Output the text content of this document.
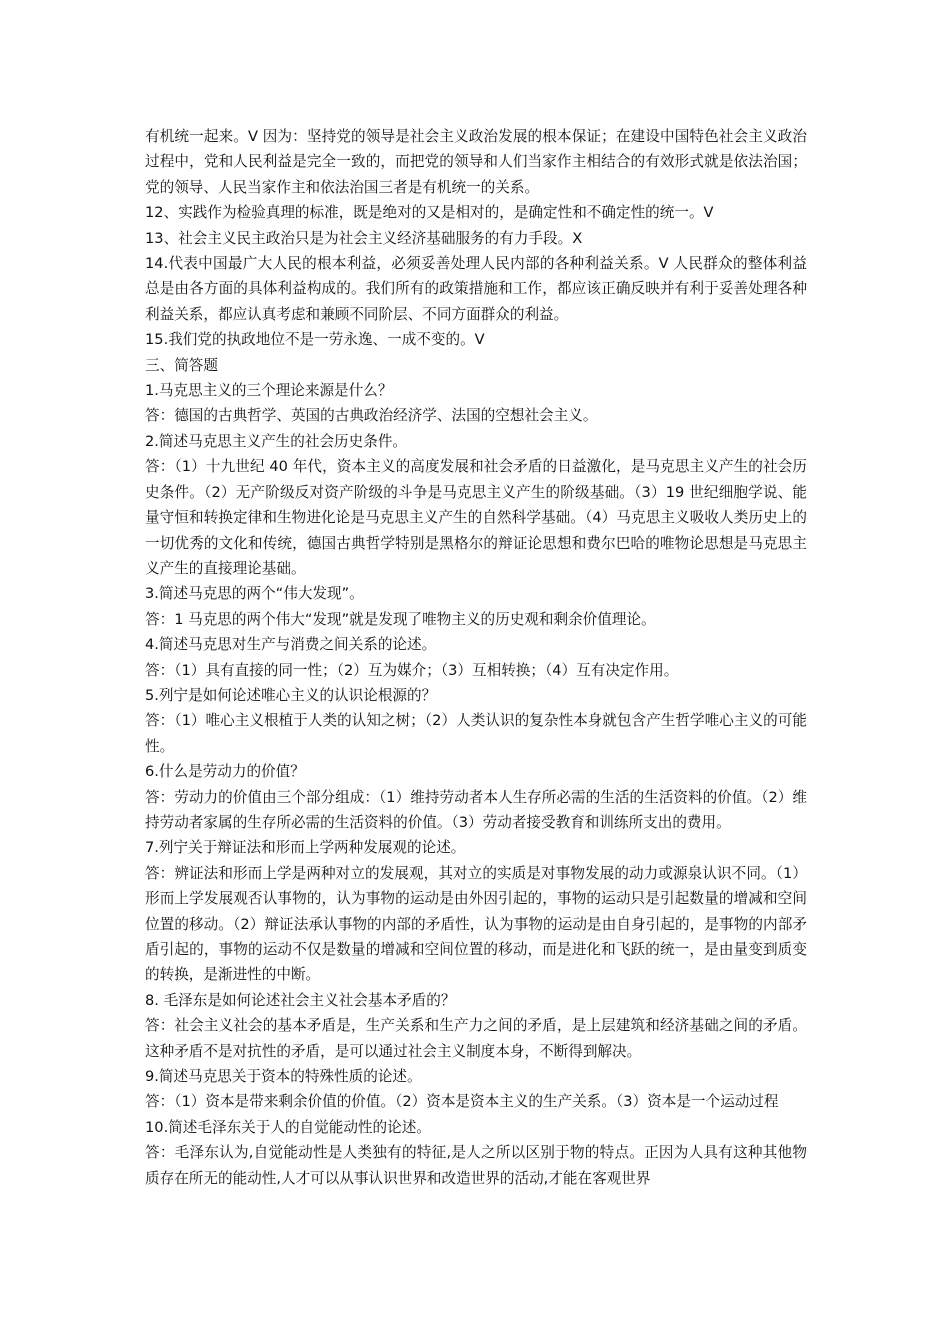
有机统一起来。V 因为：坚持党的领导是社会主义政治发展的根本保证；在建设中国特色社会主义政治过程中，党和人民利益是完全一致的，而把党的领导和人们当家作主相结合的有效形式就是依法治国；党的领导、人民当家作主和依法治国三者是有机统一的关系。

12、实践作为检验真理的标准，既是绝对的又是相对的，是确定性和不确定性的统一。V

13、社会主义民主政治只是为社会主义经济基础服务的有力手段。X

14.代表中国最广大人民的根本利益，必须妥善处理人民内部的各种利益关系。V 人民群众的整体利益总是由各方面的具体利益构成的。我们所有的政策措施和工作，都应该正确反映并有利于妥善处理各种利益关系，都应认真考虑和兼顾不同阶层、不同方面群众的利益。

15.我们党的执政地位不是一劳永逸、一成不变的。V

三、简答题

1.马克思主义的三个理论来源是什么？

答：德国的古典哲学、英国的古典政治经济学、法国的空想社会主义。

2.简述马克思主义产生的社会历史条件。

答：（1）十九世纪 40 年代，资本主义的高度发展和社会矛盾的日益激化，是马克思主义产生的社会历史条件。（2）无产阶级反对资产阶级的斗争是马克思主义产生的阶级基础。（3）19 世纪细胞学说、能量守恒和转换定律和生物进化论是马克思主义产生的自然科学基础。（4）马克思主义吸收人类历史上的一切优秀的文化和传统，德国古典哲学特别是黑格尔的辩证论思想和费尔巴哈的唯物论思想是马克思主义产生的直接理论基础。

3.简述马克思的两个“伟大发现”。

答：1 马克思的两个伟大“发现”就是发现了唯物主义的历史观和剩余价值理论。

4.简述马克思对生产与消费之间关系的论述。

答：（1）具有直接的同一性；（2）互为媒介；（3）互相转换；（4）互有决定作用。

5.列宁是如何论述唯心主义的认识论根源的？

答：（1）唯心主义根植于人类的认知之树；（2）人类认识的复杂性本身就包含产生哲学唯心主义的可能性。

6.什么是劳动力的价值？

答：劳动力的价值由三个部分组成：（1）维持劳动者本人生存所必需的生活的生活资料的价值。（2）维持劳动者家属的生存所必需的生活资料的价值。（3）劳动者接受教育和训练所支出的费用。

7.列宁关于辩证法和形而上学两种发展观的论述。

答：辨证法和形而上学是两种对立的发展观，其对立的实质是对事物发展的动力或源泉认识不同。（1）形而上学发展观否认事物的，认为事物的运动是由外因引起的，事物的运动只是引起数量的增减和空间位置的移动。（2）辩证法承认事物的内部的矛盾性，认为事物的运动是由自身引起的，是事物的内部矛盾引起的，事物的运动不仅是数量的增减和空间位置的移动，而是进化和飞跃的统一，是由量变到质变的转换，是渐进性的中断。

8. 毛泽东是如何论述社会主义社会基本矛盾的？

答：社会主义社会的基本矛盾是，生产关系和生产力之间的矛盾，是上层建筑和经济基础之间的矛盾。这种矛盾不是对抗性的矛盾，是可以通过社会主义制度本身，不断得到解决。

9.简述马克思关于资本的特殊性质的论述。

答：（1）资本是带来剩余价值的价值。（2）资本是资本主义的生产关系。（3）资本是一个运动过程

10.简述毛泽东关于人的自觉能动性的论述。

答：毛泽东认为,自觉能动性是人类独有的特征,是人之所以区别于物的特点。正因为人具有这种其他物质存在所无的能动性,人才可以从事认识世界和改造世界的活动,才能在客观世界
